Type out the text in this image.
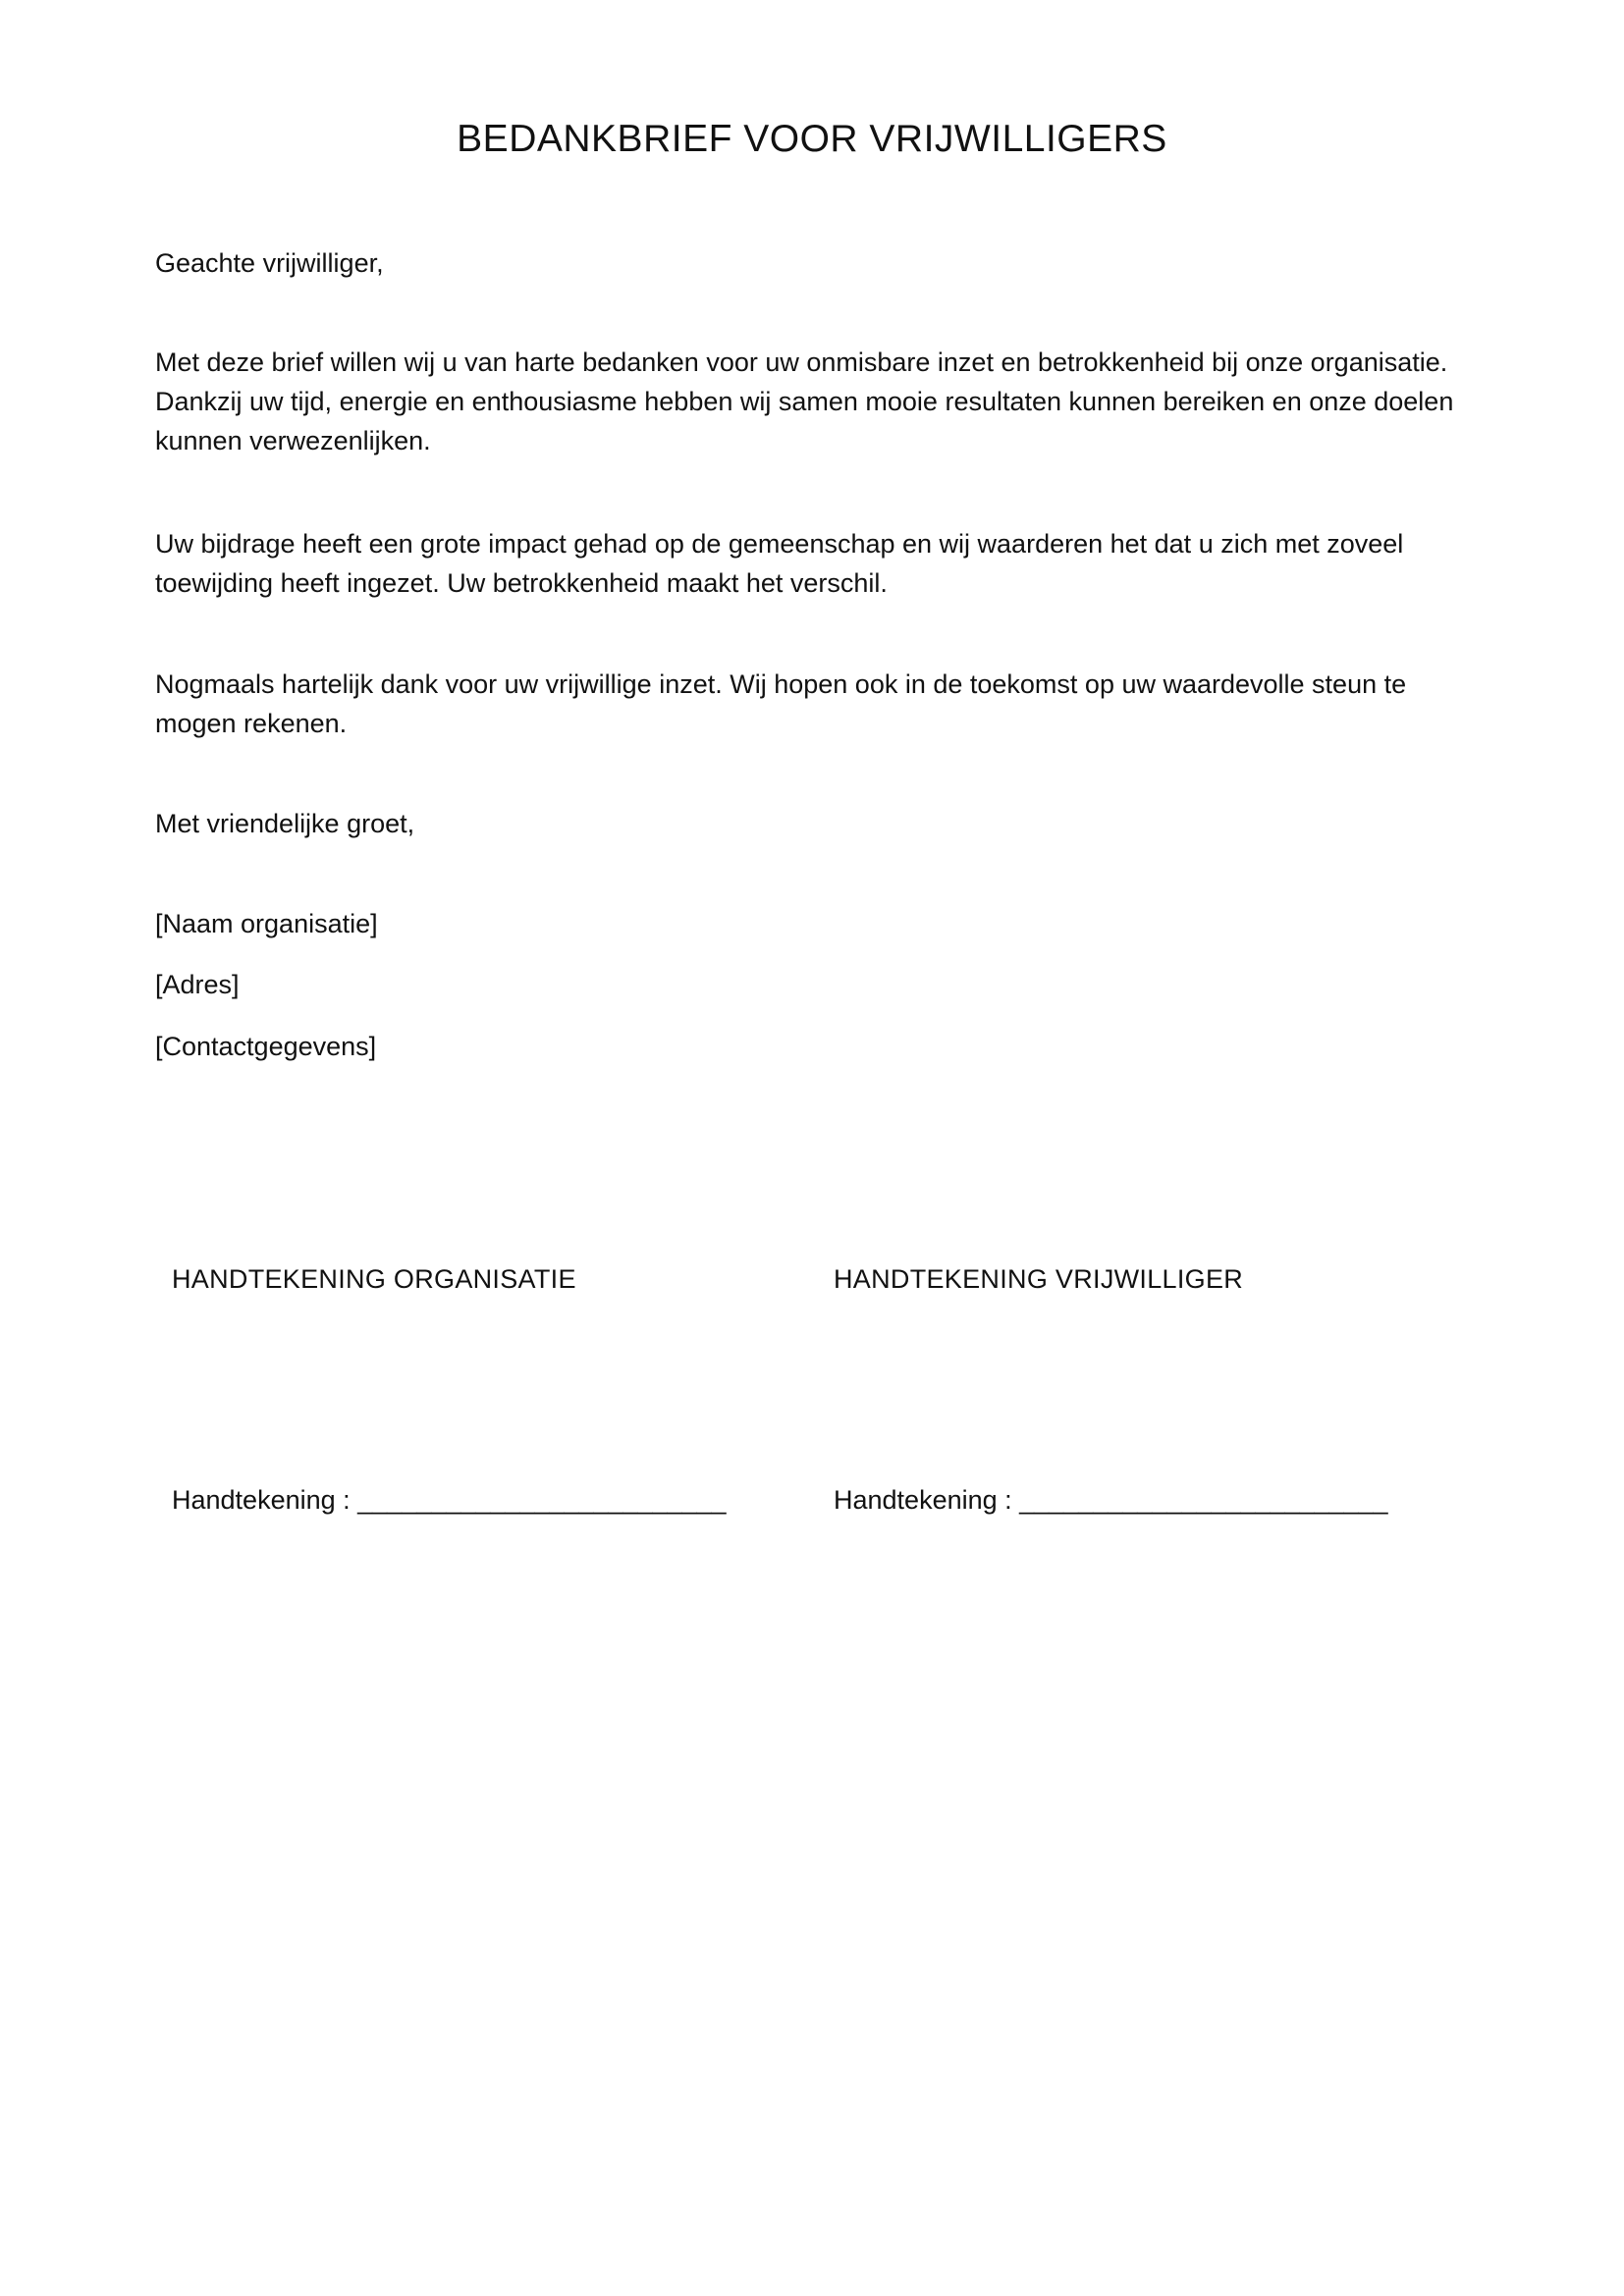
BEDANKBRIEF VOOR VRIJWILLIGERS

Geachte vrijwilliger,

Met deze brief willen wij u van harte bedanken voor uw onmisbare inzet en betrokkenheid bij onze organisatie. Dankzij uw tijd, energie en enthousiasme hebben wij samen mooie resultaten kunnen bereiken en onze doelen kunnen verwezenlijken.

Uw bijdrage heeft een grote impact gehad op de gemeenschap en wij waarderen het dat u zich met zoveel toewijding heeft ingezet. Uw betrokkenheid maakt het verschil.

Nogmaals hartelijk dank voor uw vrijwillige inzet. Wij hopen ook in de toekomst op uw waardevolle steun te mogen rekenen.

Met vriendelijke groet,

[Naam organisatie]

[Adres]

[Contactgegevens]

HANDTEKENING ORGANISATIE

Handtekening : _________________________

HANDTEKENING VRIJWILLIGER

Handtekening : _________________________
